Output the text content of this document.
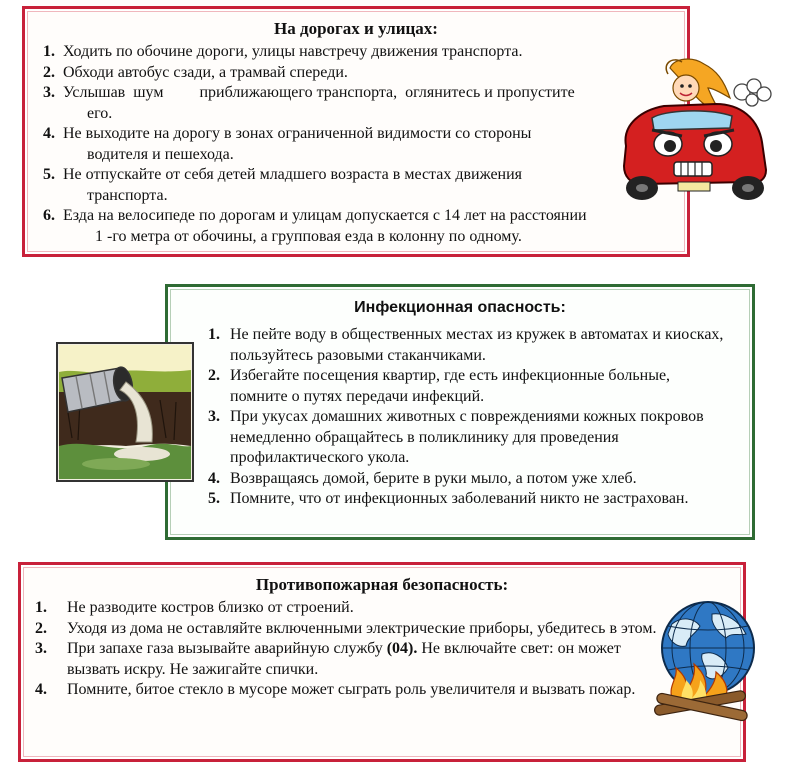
На дорогах и улицах:
1. Ходить по обочине дороги, улицы навстречу движения транспорта.
2. Обходи автобус сзади, а трамвай спереди.
3. Услышав  шум         приближающего транспорта,  оглянитесь и пропустите
его.
4. Не выходите на дорогу в зонах ограниченной видимости со стороны
водителя и пешехода.
5. Не отпускайте от себя детей младшего возраста в местах движения
транспорта.
6. Езда на велосипеде по дорогам и улицам допускается с 14 лет на расстоянии
1 -го метра от обочины, а групповая езда в колонну по одному.
Инфекционная опасность:
1. Не пейте воду в общественных местах из кружек в автоматах и киосках, пользуйтесь разовыми стаканчиками.
2. Избегайте посещения квартир, где есть инфекционные больные, помните о путях передачи инфекций.
3. При укусах домашних животных с повреждениями кожных покровов немедленно обращайтесь в поликлинику для проведения профилактического укола.
4. Возвращаясь домой, берите в руки мыло, а потом уже хлеб.
5. Помните, что от инфекционных заболеваний никто не застрахован.
Противопожарная безопасность:
1. Не разводите костров близко от строений.
2. Уходя из дома не оставляйте включенными электрические приборы, убедитесь в этом.
3. При запахе газа вызывайте аварийную службу (04). Не включайте свет: он может вызвать искру. Не зажигайте спички.
4. Помните, битое стекло в мусоре может сыграть роль увеличителя и вызвать пожар.
